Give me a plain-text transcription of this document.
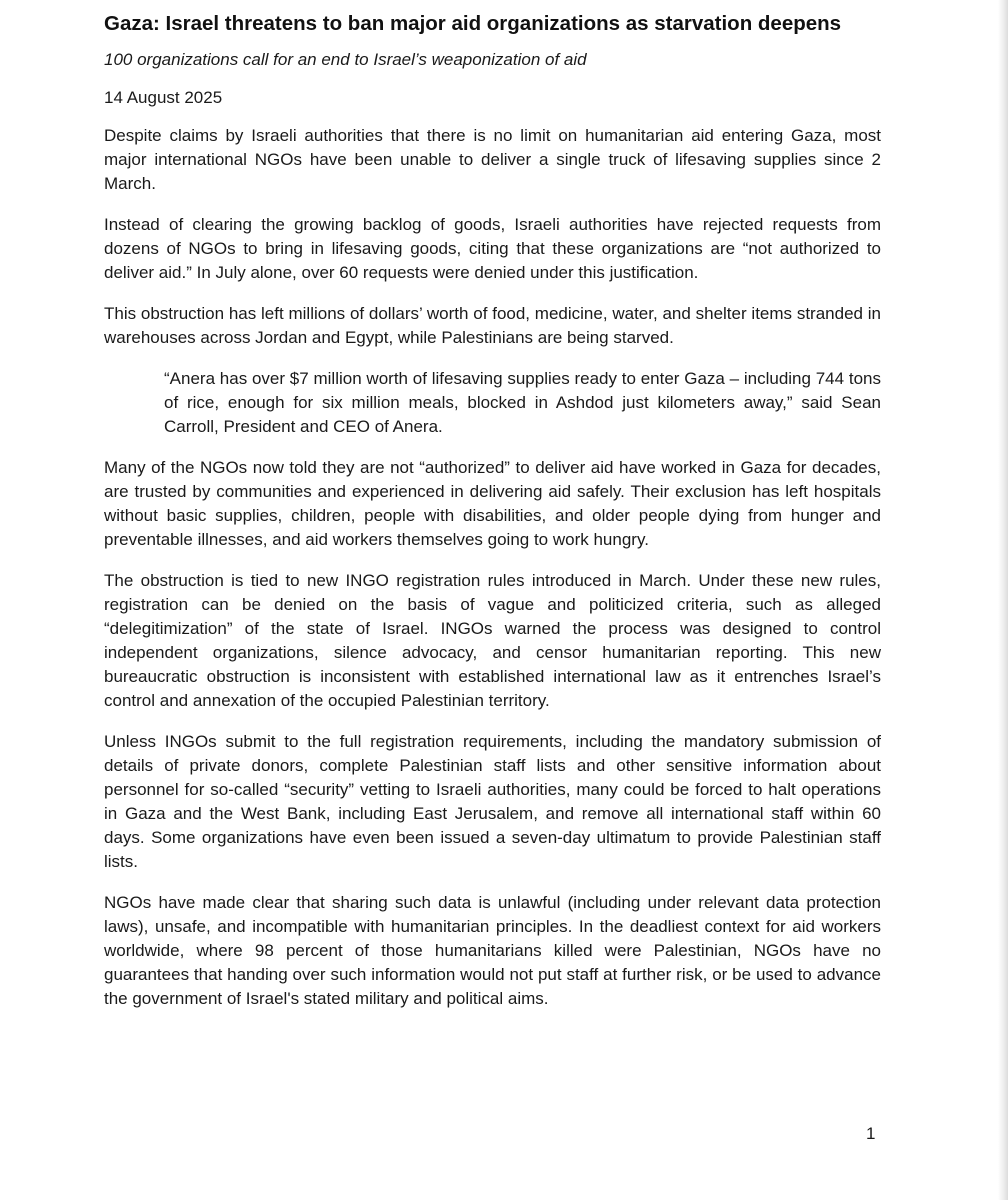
Gaza: Israel threatens to ban major aid organizations as starvation deepens

100 organizations call for an end to Israel’s weaponization of aid

14 August 2025

Despite claims by Israeli authorities that there is no limit on humanitarian aid entering Gaza, most major international NGOs have been unable to deliver a single truck of lifesaving supplies since 2 March.

Instead of clearing the growing backlog of goods, Israeli authorities have rejected requests from dozens of NGOs to bring in lifesaving goods, citing that these organizations are “not authorized to deliver aid.” In July alone, over 60 requests were denied under this justification.

This obstruction has left millions of dollars’ worth of food, medicine, water, and shelter items stranded in warehouses across Jordan and Egypt, while Palestinians are being starved.

“Anera has over $7 million worth of lifesaving supplies ready to enter Gaza – including 744 tons of rice, enough for six million meals, blocked in Ashdod just kilometers away,” said Sean Carroll, President and CEO of Anera.

Many of the NGOs now told they are not “authorized” to deliver aid have worked in Gaza for decades, are trusted by communities and experienced in delivering aid safely. Their exclusion has left hospitals without basic supplies, children, people with disabilities, and older people dying from hunger and preventable illnesses, and aid workers themselves going to work hungry.

The obstruction is tied to new INGO registration rules introduced in March. Under these new rules, registration can be denied on the basis of vague and politicized criteria, such as alleged “delegitimization” of the state of Israel. INGOs warned the process was designed to control independent organizations, silence advocacy, and censor humanitarian reporting. This new bureaucratic obstruction is inconsistent with established international law as it entrenches Israel’s control and annexation of the occupied Palestinian territory.

Unless INGOs submit to the full registration requirements, including the mandatory submission of details of private donors, complete Palestinian staff lists and other sensitive information about personnel for so-called “security” vetting to Israeli authorities, many could be forced to halt operations in Gaza and the West Bank, including East Jerusalem, and remove all international staff within 60 days. Some organizations have even been issued a seven-day ultimatum to provide Palestinian staff lists.

NGOs have made clear that sharing such data is unlawful (including under relevant data protection laws), unsafe, and incompatible with humanitarian principles. In the deadliest context for aid workers worldwide, where 98 percent of those humanitarians killed were Palestinian, NGOs have no guarantees that handing over such information would not put staff at further risk, or be used to advance the government of Israel's stated military and political aims.

1
